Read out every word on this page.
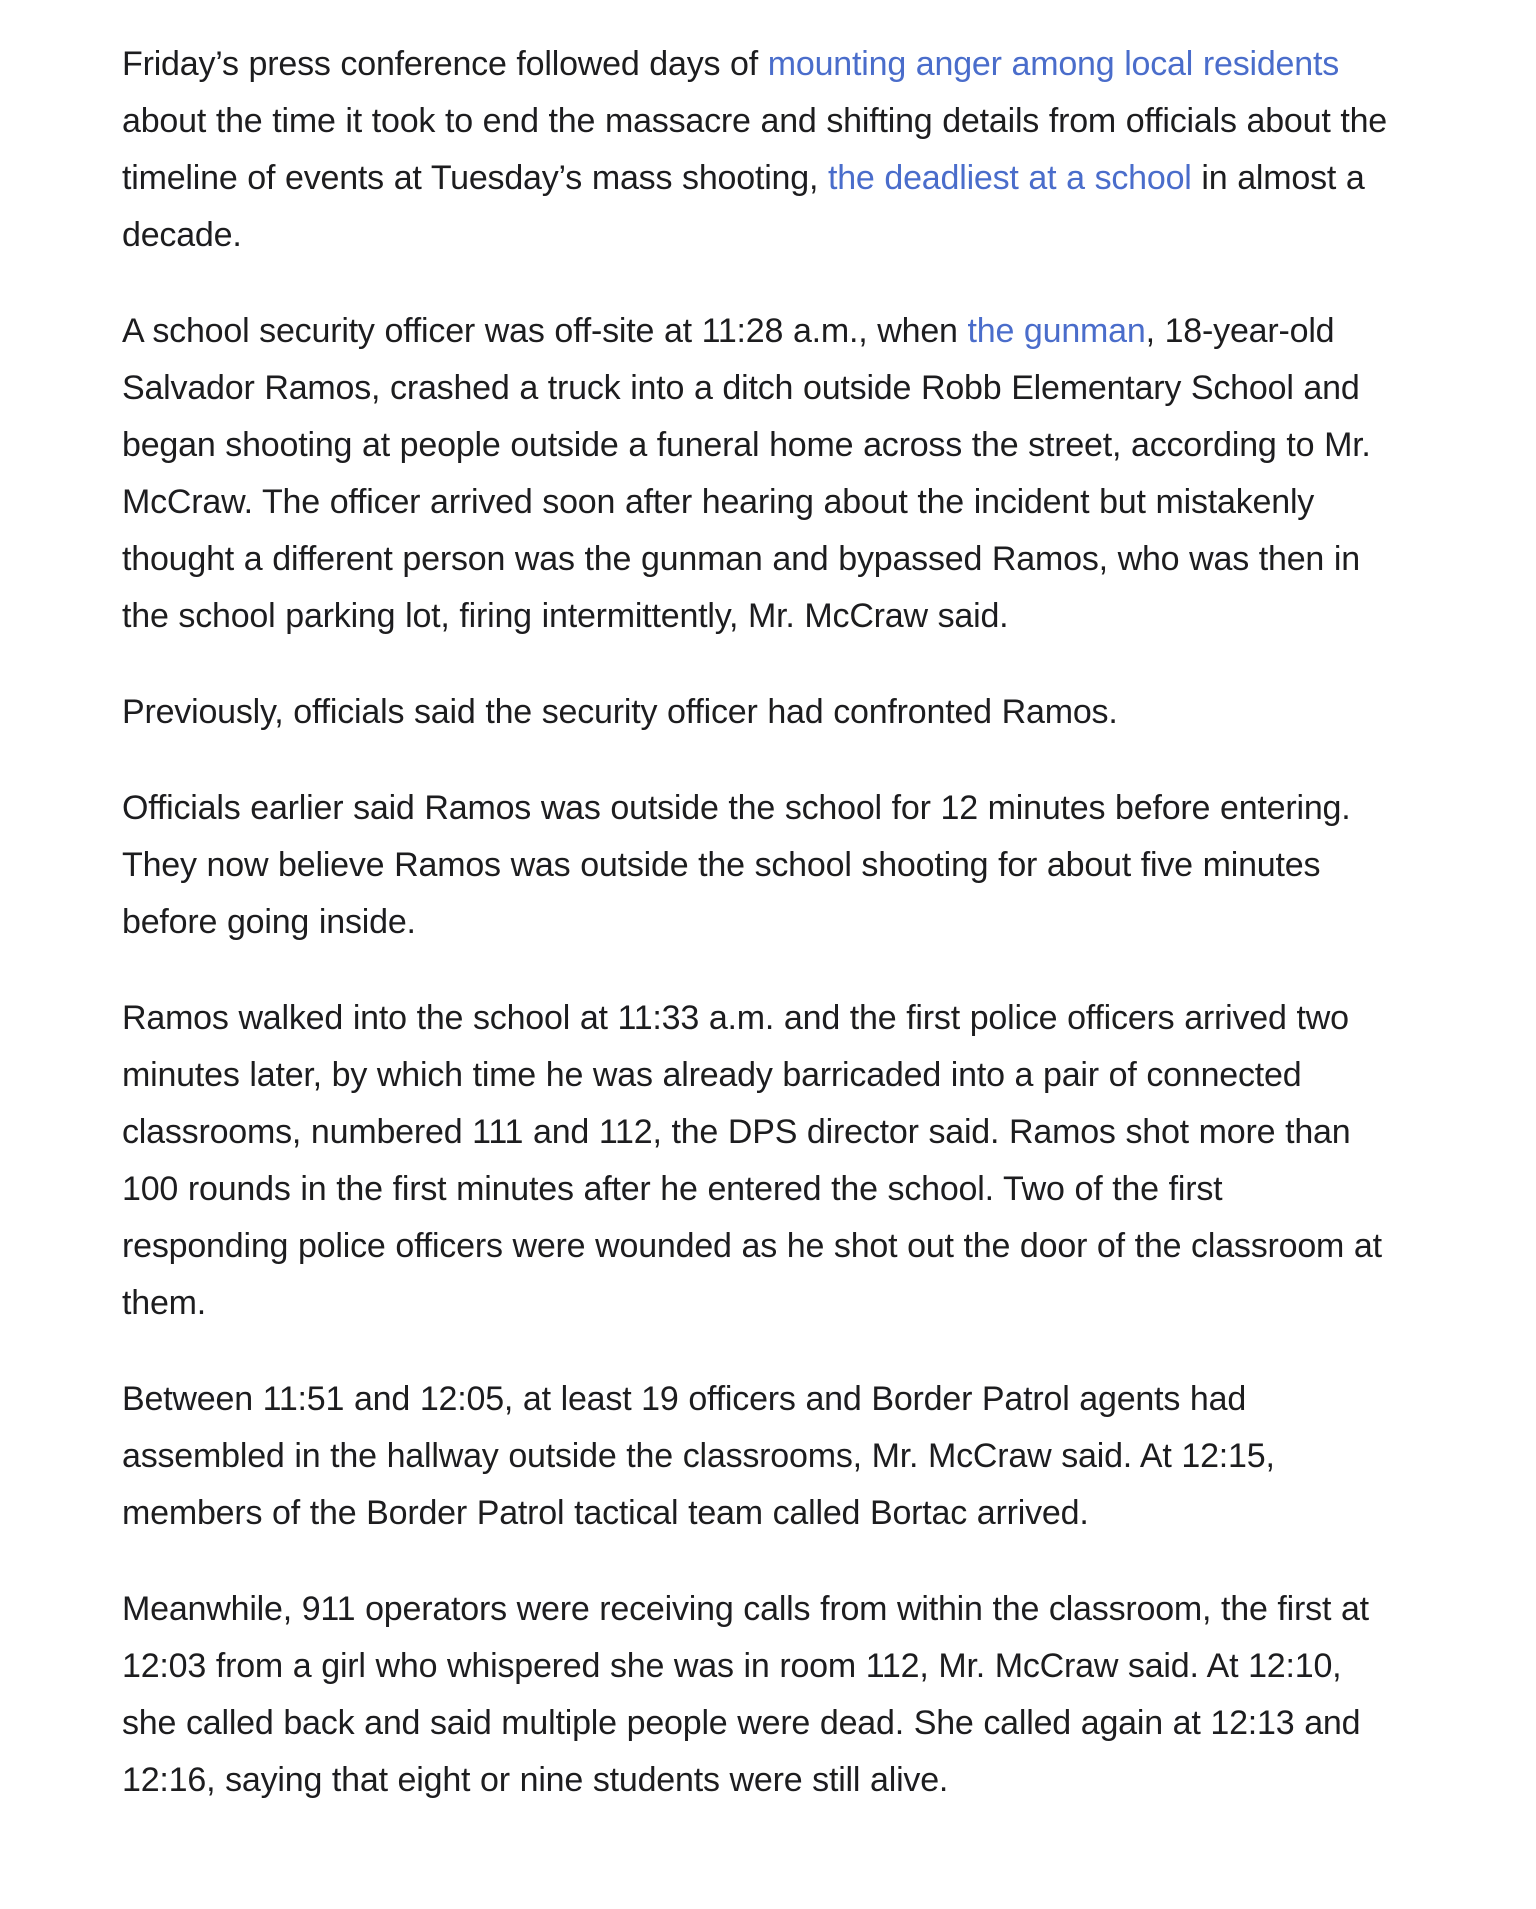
Friday’s press conference followed days of mounting anger among local residents about the time it took to end the massacre and shifting details from officials about the timeline of events at Tuesday’s mass shooting, the deadliest at a school in almost a decade.

A school security officer was off-site at 11:28 a.m., when the gunman, 18-year-old Salvador Ramos, crashed a truck into a ditch outside Robb Elementary School and began shooting at people outside a funeral home across the street, according to Mr. McCraw. The officer arrived soon after hearing about the incident but mistakenly thought a different person was the gunman and bypassed Ramos, who was then in the school parking lot, firing intermittently, Mr. McCraw said.

Previously, officials said the security officer had confronted Ramos.

Officials earlier said Ramos was outside the school for 12 minutes before entering. They now believe Ramos was outside the school shooting for about five minutes before going inside.

Ramos walked into the school at 11:33 a.m. and the first police officers arrived two minutes later, by which time he was already barricaded into a pair of connected classrooms, numbered 111 and 112, the DPS director said. Ramos shot more than 100 rounds in the first minutes after he entered the school. Two of the first responding police officers were wounded as he shot out the door of the classroom at them.

Between 11:51 and 12:05, at least 19 officers and Border Patrol agents had assembled in the hallway outside the classrooms, Mr. McCraw said. At 12:15, members of the Border Patrol tactical team called Bortac arrived.

Meanwhile, 911 operators were receiving calls from within the classroom, the first at 12:03 from a girl who whispered she was in room 112, Mr. McCraw said. At 12:10, she called back and said multiple people were dead. She called again at 12:13 and 12:16, saying that eight or nine students were still alive.
